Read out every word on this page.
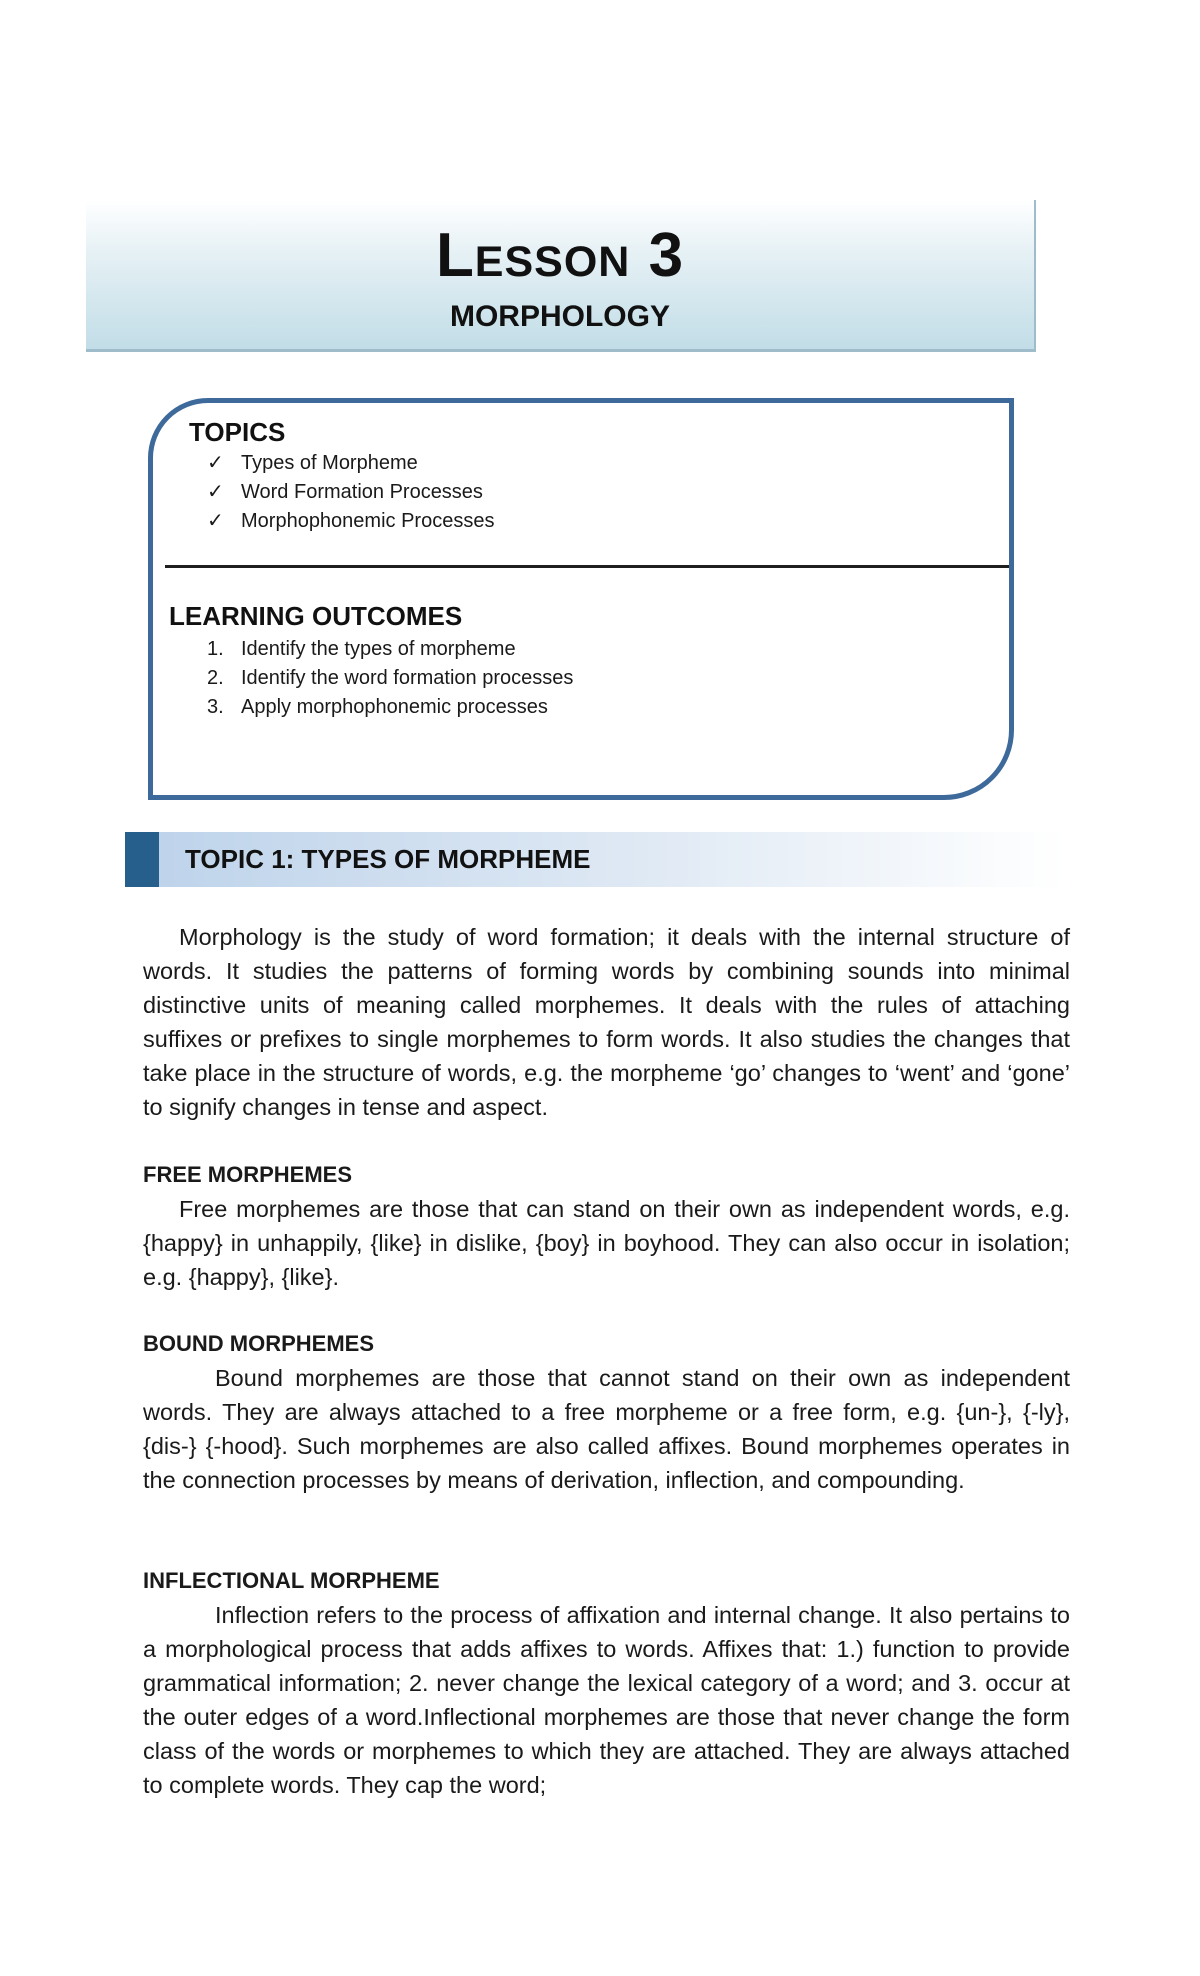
Lesson 3
MORPHOLOGY
TOPICS
✓ Types of Morpheme
✓ Word Formation Processes
✓ Morphophonemic Processes
LEARNING OUTCOMES
1. Identify the types of morpheme
2. Identify the word formation processes
3. Apply morphophonemic processes
TOPIC 1: TYPES OF MORPHEME

Morphology is the study of word formation; it deals with the internal structure of words. It studies the patterns of forming words by combining sounds into minimal distinctive units of meaning called morphemes. It deals with the rules of attaching suffixes or prefixes to single morphemes to form words. It also studies the changes that take place in the structure of words, e.g. the morpheme ‘go’ changes to ‘went’ and ‘gone’ to signify changes in tense and aspect.

FREE MORPHEMES

Free morphemes are those that can stand on their own as independent words, e.g.{happy} in unhappily, {like} in dislike, {boy} in boyhood. They can also occur in isolation; e.g. {happy}, {like}.

BOUND MORPHEMES

Bound morphemes are those that cannot stand on their own as independent words. They are always attached to a free morpheme or a free form, e.g. {un-}, {-ly}, {dis-} {-hood}. Such morphemes are also called affixes. Bound morphemes operates in the connection processes by means of derivation, inflection, and compounding.

INFLECTIONAL MORPHEME

Inflection refers to the process of affixation and internal change. It also pertains to a morphological process that adds affixes to words. Affixes that: 1.) function to provide grammatical information; 2. never change the lexical category of a word; and 3. occur at the outer edges of a word.Inflectional morphemes are those that never change the form class of the words or morphemes to which they are attached. They are always attached to complete words. They cap the word;
